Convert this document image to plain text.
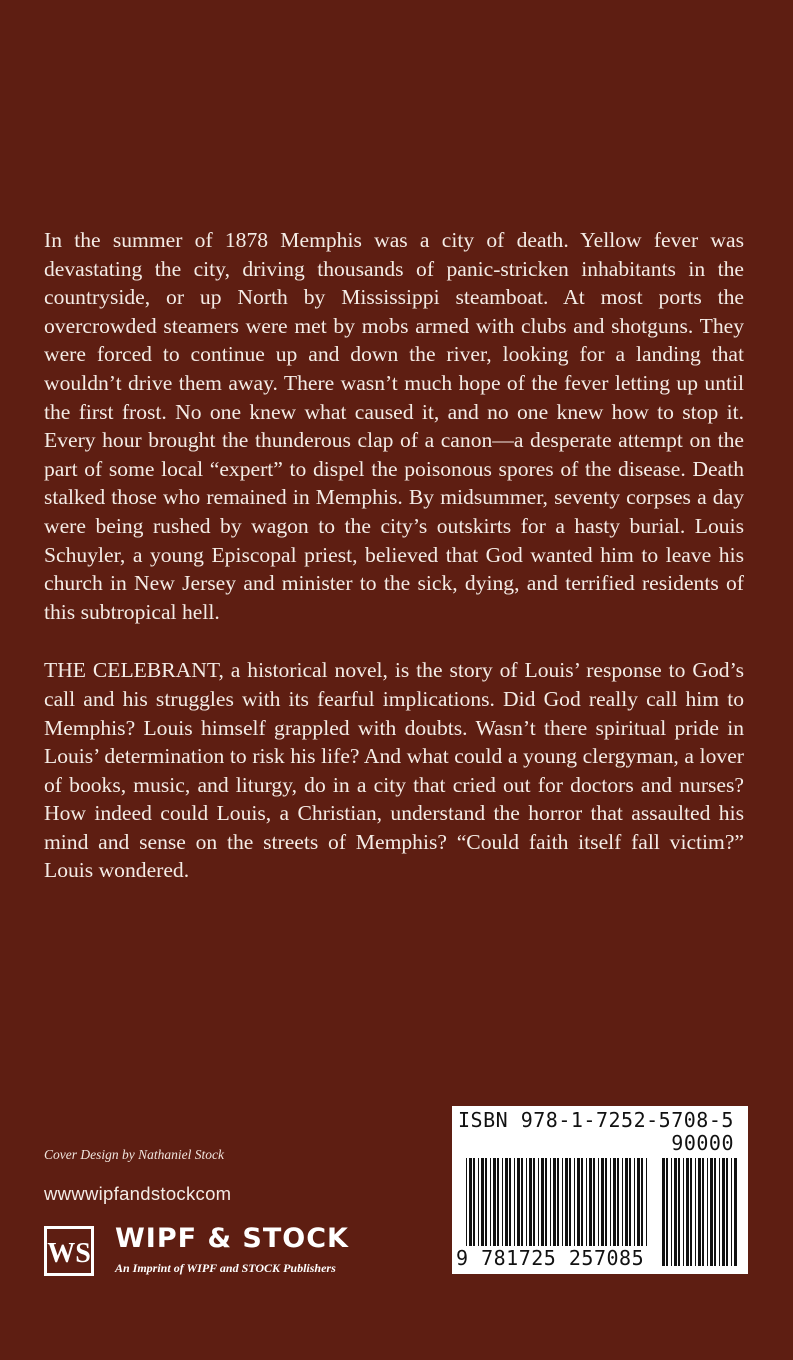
In the summer of 1878 Memphis was a city of death. Yellow fever was devastating the city, driving thousands of panic-stricken inhabitants in the countryside, or up North by Mississippi steamboat. At most ports the overcrowded steamers were met by mobs armed with clubs and shotguns. They were forced to continue up and down the river, looking for a landing that wouldn’t drive them away. There wasn’t much hope of the fever letting up until the first frost. No one knew what caused it, and no one knew how to stop it. Every hour brought the thunderous clap of a canon—a desperate attempt on the part of some local “expert” to dispel the poisonous spores of the disease. Death stalked those who remained in Memphis. By midsummer, seventy corpses a day were being rushed by wagon to the city’s outskirts for a hasty burial. Louis Schuyler, a young Episcopal priest, believed that God wanted him to leave his church in New Jersey and minister to the sick, dying, and terrified residents of this subtropical hell.

THE CELEBRANT, a historical novel, is the story of Louis’ response to God’s call and his struggles with its fearful implications. Did God really call him to Memphis? Louis himself grappled with doubts. Wasn’t there spiritual pride in Louis’ determination to risk his life? And what could a young clergyman, a lover of books, music, and liturgy, do in a city that cried out for doctors and nurses? How indeed could Louis, a Christian, understand the horror that assaulted his mind and sense on the streets of Memphis? “Could faith itself fall victim?” Louis wondered.

Cover Design by Nathaniel Stock
wwwwipfandstockcom
WS WIPF & STOCK
An Imprint of WIPF and STOCK Publishers
ISBN 978-1-7252-5708-5
90000
9 781725 257085
